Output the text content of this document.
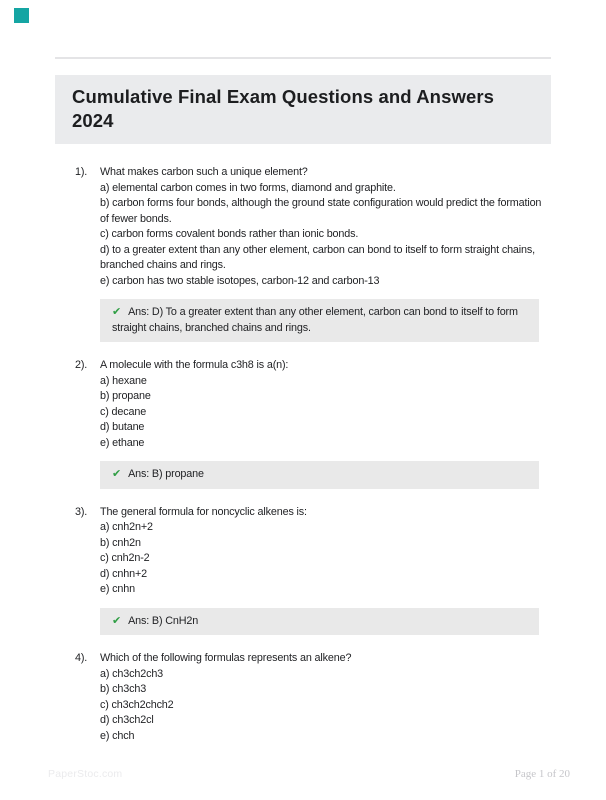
Cumulative Final Exam Questions and Answers 2024
1).	What makes carbon such a unique element?
a) elemental carbon comes in two forms, diamond and graphite.
b) carbon forms four bonds, although the ground state configuration would predict the formation of fewer bonds.
c) carbon forms covalent bonds rather than ionic bonds.
d) to a greater extent than any other element, carbon can bond to itself to form straight chains, branched chains and rings.
e) carbon has two stable isotopes, carbon-12 and carbon-13
✔ Ans: D) To a greater extent than any other element, carbon can bond to itself to form straight chains, branched chains and rings.
2).	A molecule with the formula c3h8 is a(n):
a) hexane
b) propane
c) decane
d) butane
e) ethane
✔ Ans: B) propane
3).	The general formula for noncyclic alkenes is:
a) cnh2n+2
b) cnh2n
c) cnh2n-2
d) cnhn+2
e) cnhn
✔ Ans: B) CnH2n
4).	Which of the following formulas represents an alkene?
a) ch3ch2ch3
b) ch3ch3
c) ch3ch2chch2
d) ch3ch2cl
e) chch
PaperStoc.com	Page 1 of 20
